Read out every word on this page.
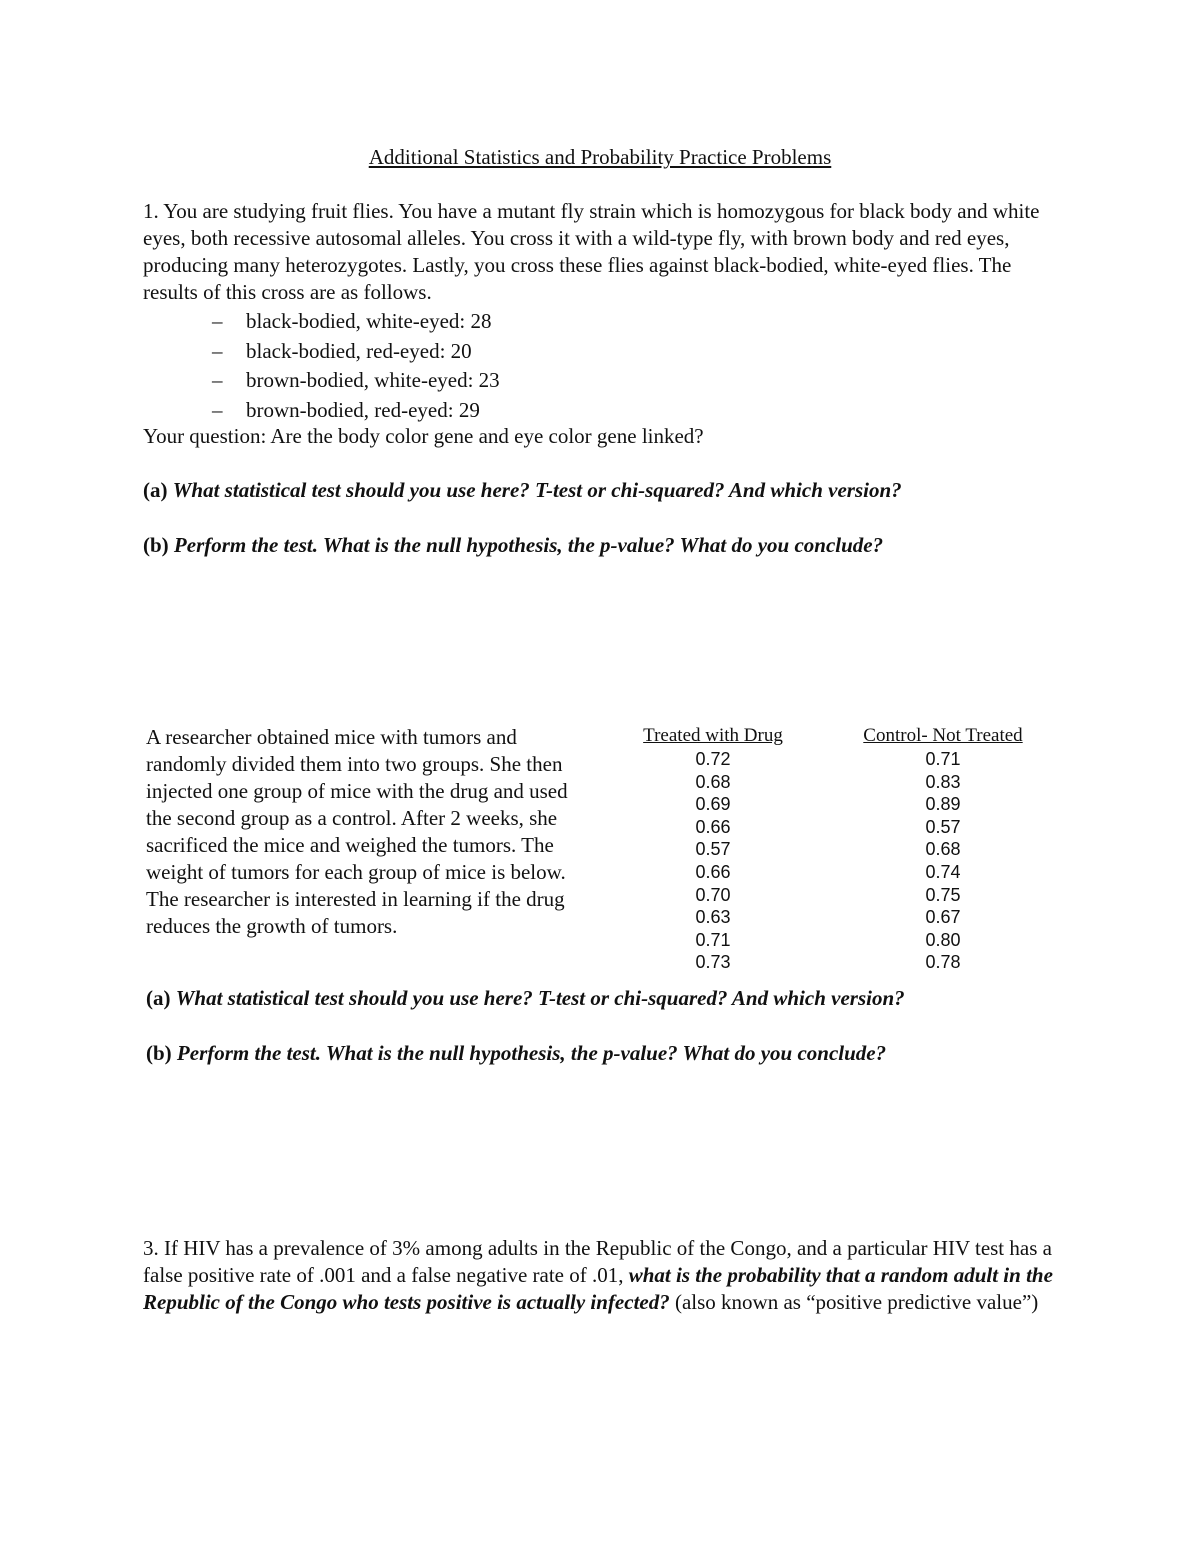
Additional Statistics and Probability Practice Problems
1. You are studying fruit flies. You have a mutant fly strain which is homozygous for black body and white eyes, both recessive autosomal alleles. You cross it with a wild-type fly, with brown body and red eyes, producing many heterozygotes. Lastly, you cross these flies against black-bodied, white-eyed flies. The results of this cross are as follows.
– black-bodied, white-eyed: 28
– black-bodied, red-eyed: 20
– brown-bodied, white-eyed: 23
– brown-bodied, red-eyed: 29
Your question: Are the body color gene and eye color gene linked?
(a) What statistical test should you use here? T-test or chi-squared? And which version?
(b) Perform the test. What is the null hypothesis, the p-value? What do you conclude?
A researcher obtained mice with tumors and randomly divided them into two groups. She then injected one group of mice with the drug and used the second group as a control. After 2 weeks, she sacrificed the mice and weighed the tumors. The weight of tumors for each group of mice is below. The researcher is interested in learning if the drug reduces the growth of tumors.
Treated with Drug
0.72
0.68
0.69
0.66
0.57
0.66
0.70
0.63
0.71
0.73
Control- Not Treated
0.71
0.83
0.89
0.57
0.68
0.74
0.75
0.67
0.80
0.78
(a) What statistical test should you use here? T-test or chi-squared? And which version?
(b) Perform the test. What is the null hypothesis, the p-value? What do you conclude?
3. If HIV has a prevalence of 3% among adults in the Republic of the Congo, and a particular HIV test has a false positive rate of .001 and a false negative rate of .01, what is the probability that a random adult in the Republic of the Congo who tests positive is actually infected? (also known as “positive predictive value”)
